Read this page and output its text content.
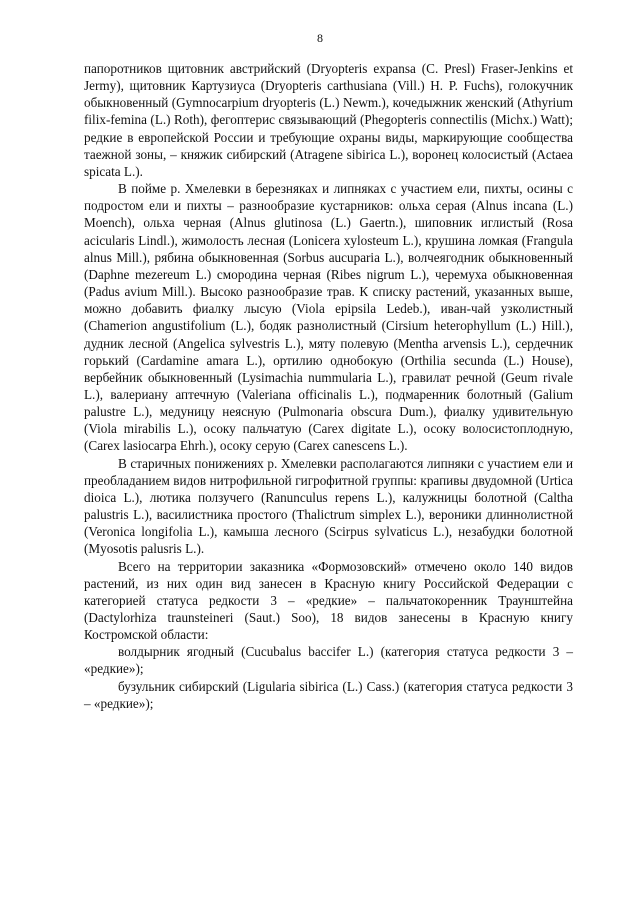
8

папоротников щитовник австрийский (Dryopteris expansa (C. Presl) Fraser-Jenkins et Jermy), щитовник Картузиуса (Dryopteris carthusiana (Vill.) H. P. Fuchs), голокучник обыкновенный (Gymnocarpium dryopteris (L.) Newm.), кочедыжник женский (Athyrium filix-femina (L.) Roth), фегоптерис связывающий (Phegopteris connectilis (Michx.) Watt); редкие в европейской России и требующие охраны виды, маркирующие сообщества таежной зоны, – княжик сибирский (Atragene sibirica L.), воронец колосистый (Actaea spicata L.).

В пойме р. Хмелевки в березняках и липняках с участием ели, пихты, осины с подростом ели и пихты – разнообразие кустарников: ольха серая (Alnus incana (L.) Moench), ольха черная (Alnus glutinosa (L.) Gaertn.), шиповник иглистый (Rosa acicularis Lindl.), жимолость лесная (Lonicera xylosteum L.), крушина ломкая (Frangula alnus Mill.), рябина обыкновенная (Sorbus aucuparia L.), волчеягодник обыкновенный (Daphne mezereum L.) смородина черная (Ribes nigrum L.), черемуха обыкновенная (Padus avium Mill.). Высоко разнообразие трав. К списку растений, указанных выше, можно добавить фиалку лысую (Viola epipsila Ledeb.), иван-чай узколистный (Chamerion angustifolium (L.), бодяк разнолистный (Cirsium heterophyllum (L.) Hill.), дудник лесной (Angelica sylvestris L.), мяту полевую (Mentha arvensis L.), сердечник горький (Cardamine amara L.), ортилию однобокую (Orthilia secunda (L.) House), вербейник обыкновенный (Lysimachia nummularia L.), гравилат речной (Geum rivale L.), валериану аптечную (Valeriana officinalis L.), подмаренник болотный (Galium palustre L.), медуницу неясную (Pulmonaria obscura Dum.), фиалку удивительную (Viola mirabilis L.), осоку пальчатую (Carex digitate L.), осоку волосистоплодную, (Carex lasiocarpa Ehrh.), осоку серую (Carex canescens L.).

В старичных понижениях р. Хмелевки располагаются липняки с участием ели и преобладанием видов нитрофильной гигрофитной группы: крапивы двудомной (Urtica dioica L.), лютика ползучего (Ranunculus repens L.), калужницы болотной (Caltha palustris L.), василистника простого (Thalictrum simplex L.), вероники длиннолистной (Veronica longifolia L.), камыша лесного (Scirpus sylvaticus L.), незабудки болотной (Myosotis palusris L.).

Всего на территории заказника «Формозовский» отмечено около 140 видов растений, из них один вид занесен в Красную книгу Российской Федерации с категорией статуса редкости 3 – «редкие» – пальчатокоренник Траунштейна (Dactylorhiza traunsteineri (Saut.) Soo), 18 видов занесены в Красную книгу Костромской области:

волдырник ягодный (Cucubalus baccifer L.) (категория статуса редкости 3 – «редкие»);

бузульник сибирский (Ligularia sibirica (L.) Cass.) (категория статуса редкости 3 – «редкие»);
